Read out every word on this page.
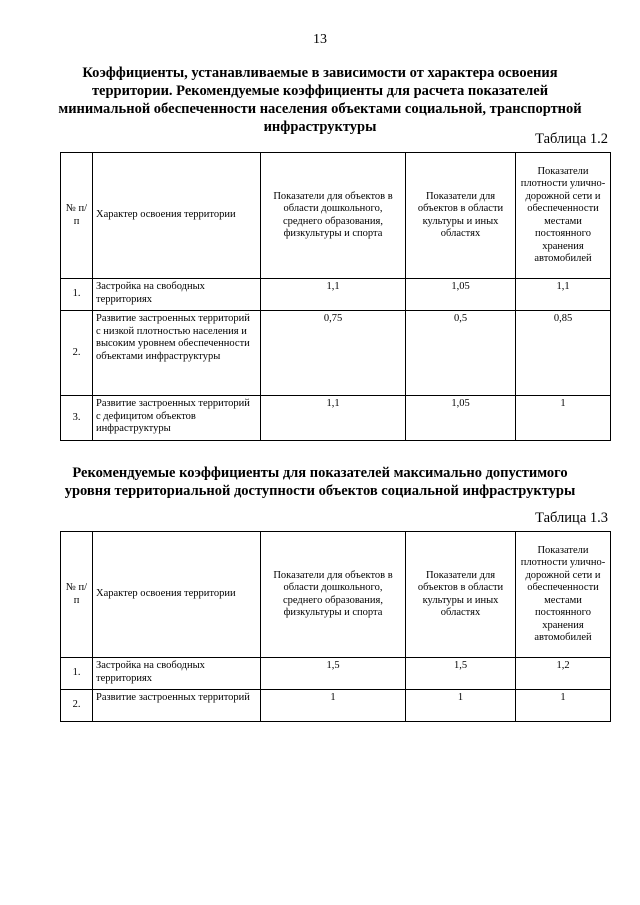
13
Коэффициенты, устанавливаемые в зависимости от характера освоения территории. Рекомендуемые коэффициенты для расчета показателей минимальной обеспеченности населения объектами социальной, транспортной инфраструктуры
Таблица 1.2
№ п/п	Характер освоения территории	Показатели для объектов в области дошкольного, среднего образования, физкультуры и спорта	Показатели для объектов в области культуры и иных областях	Показатели плотности улично-дорожной сети и обеспеченности местами постоянного хранения автомобилей
1.	Застройка на свободных территориях	1,1	1,05	1,1
2.	Развитие застроенных территорий с низкой плотностью населения и высоким уровнем обеспеченности объектами инфраструктуры	0,75	0,5	0,85
3.	Развитие застроенных территорий с дефицитом объектов инфраструктуры	1,1	1,05	1
Рекомендуемые коэффициенты для показателей максимально допустимого уровня территориальной доступности объектов социальной инфраструктуры
Таблица 1.3
№ п/п	Характер освоения территории	Показатели для объектов в области дошкольного, среднего образования, физкультуры и спорта	Показатели для объектов в области культуры и иных областях	Показатели плотности улично-дорожной сети и обеспеченности местами постоянного хранения автомобилей
1.	Застройка на свободных территориях	1,5	1,5	1,2
2.	Развитие застроенных территорий	1	1	1
